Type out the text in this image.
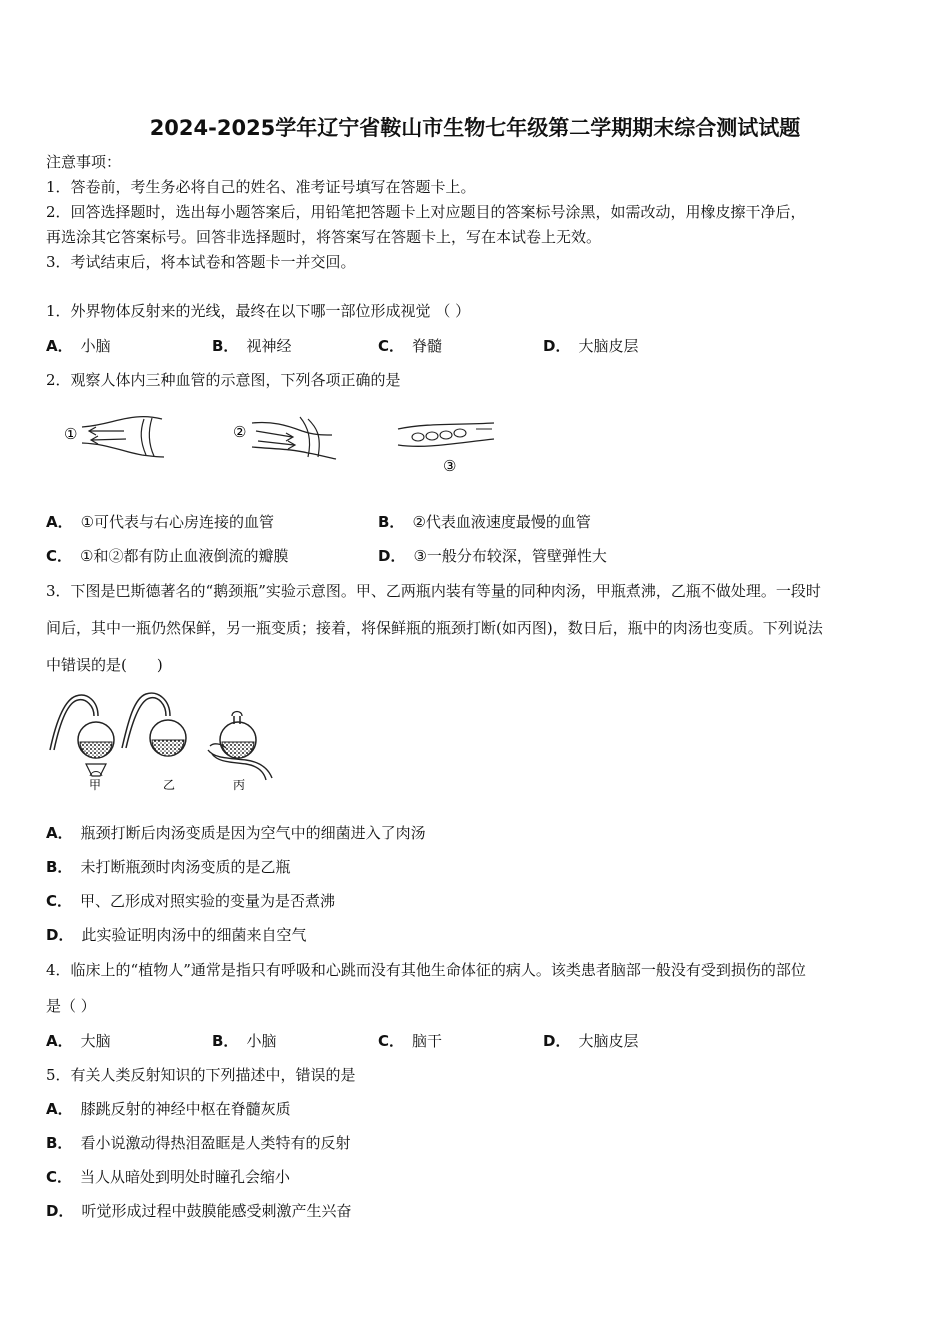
2024-2025学年辽宁省鞍山市生物七年级第二学期期末综合测试试题
注意事项：
1．答卷前，考生务必将自己的姓名、准考证号填写在答题卡上。
2．回答选择题时，选出每小题答案后，用铅笔把答题卡上对应题目的答案标号涂黑，如需改动，用橡皮擦干净后，
再选涂其它答案标号。回答非选择题时，将答案写在答题卡上，写在本试卷上无效。
3．考试结束后，将本试卷和答题卡一并交回。
1．外界物体反射来的光线，最终在以下哪一部位形成视觉 （ ）
A． 小脑	B． 视神经	C． 脊髓	D． 大脑皮层
2．观察人体内三种血管的示意图，下列各项正确的是
①	②
③
A． ①可代表与右心房连接的血管	B． ②代表血液速度最慢的血管
C． ①和②都有防止血液倒流的瓣膜	D． ③一般分布较深，管壁弹性大
3．下图是巴斯德著名的“鹅颈瓶”实验示意图。甲、乙两瓶内装有等量的同种肉汤，甲瓶煮沸，乙瓶不做处理。一段时
间后，其中一瓶仍然保鲜，另一瓶变质；接着，将保鲜瓶的瓶颈打断(如丙图)，数日后，瓶中的肉汤也变质。下列说法
中错误的是(　　)
甲	乙	丙
A． 瓶颈打断后肉汤变质是因为空气中的细菌进入了肉汤
B． 未打断瓶颈时肉汤变质的是乙瓶
C． 甲、乙形成对照实验的变量为是否煮沸
D． 此实验证明肉汤中的细菌来自空气
4．临床上的“植物人”通常是指只有呼吸和心跳而没有其他生命体征的病人。该类患者脑部一般没有受到损伤的部位
是（ ）
A． 大脑	B． 小脑	C． 脑干	D． 大脑皮层
5．有关人类反射知识的下列描述中，错误的是
A． 膝跳反射的神经中枢在脊髓灰质
B． 看小说激动得热泪盈眶是人类特有的反射
C． 当人从暗处到明处时瞳孔会缩小
D． 听觉形成过程中鼓膜能感受刺激产生兴奋
